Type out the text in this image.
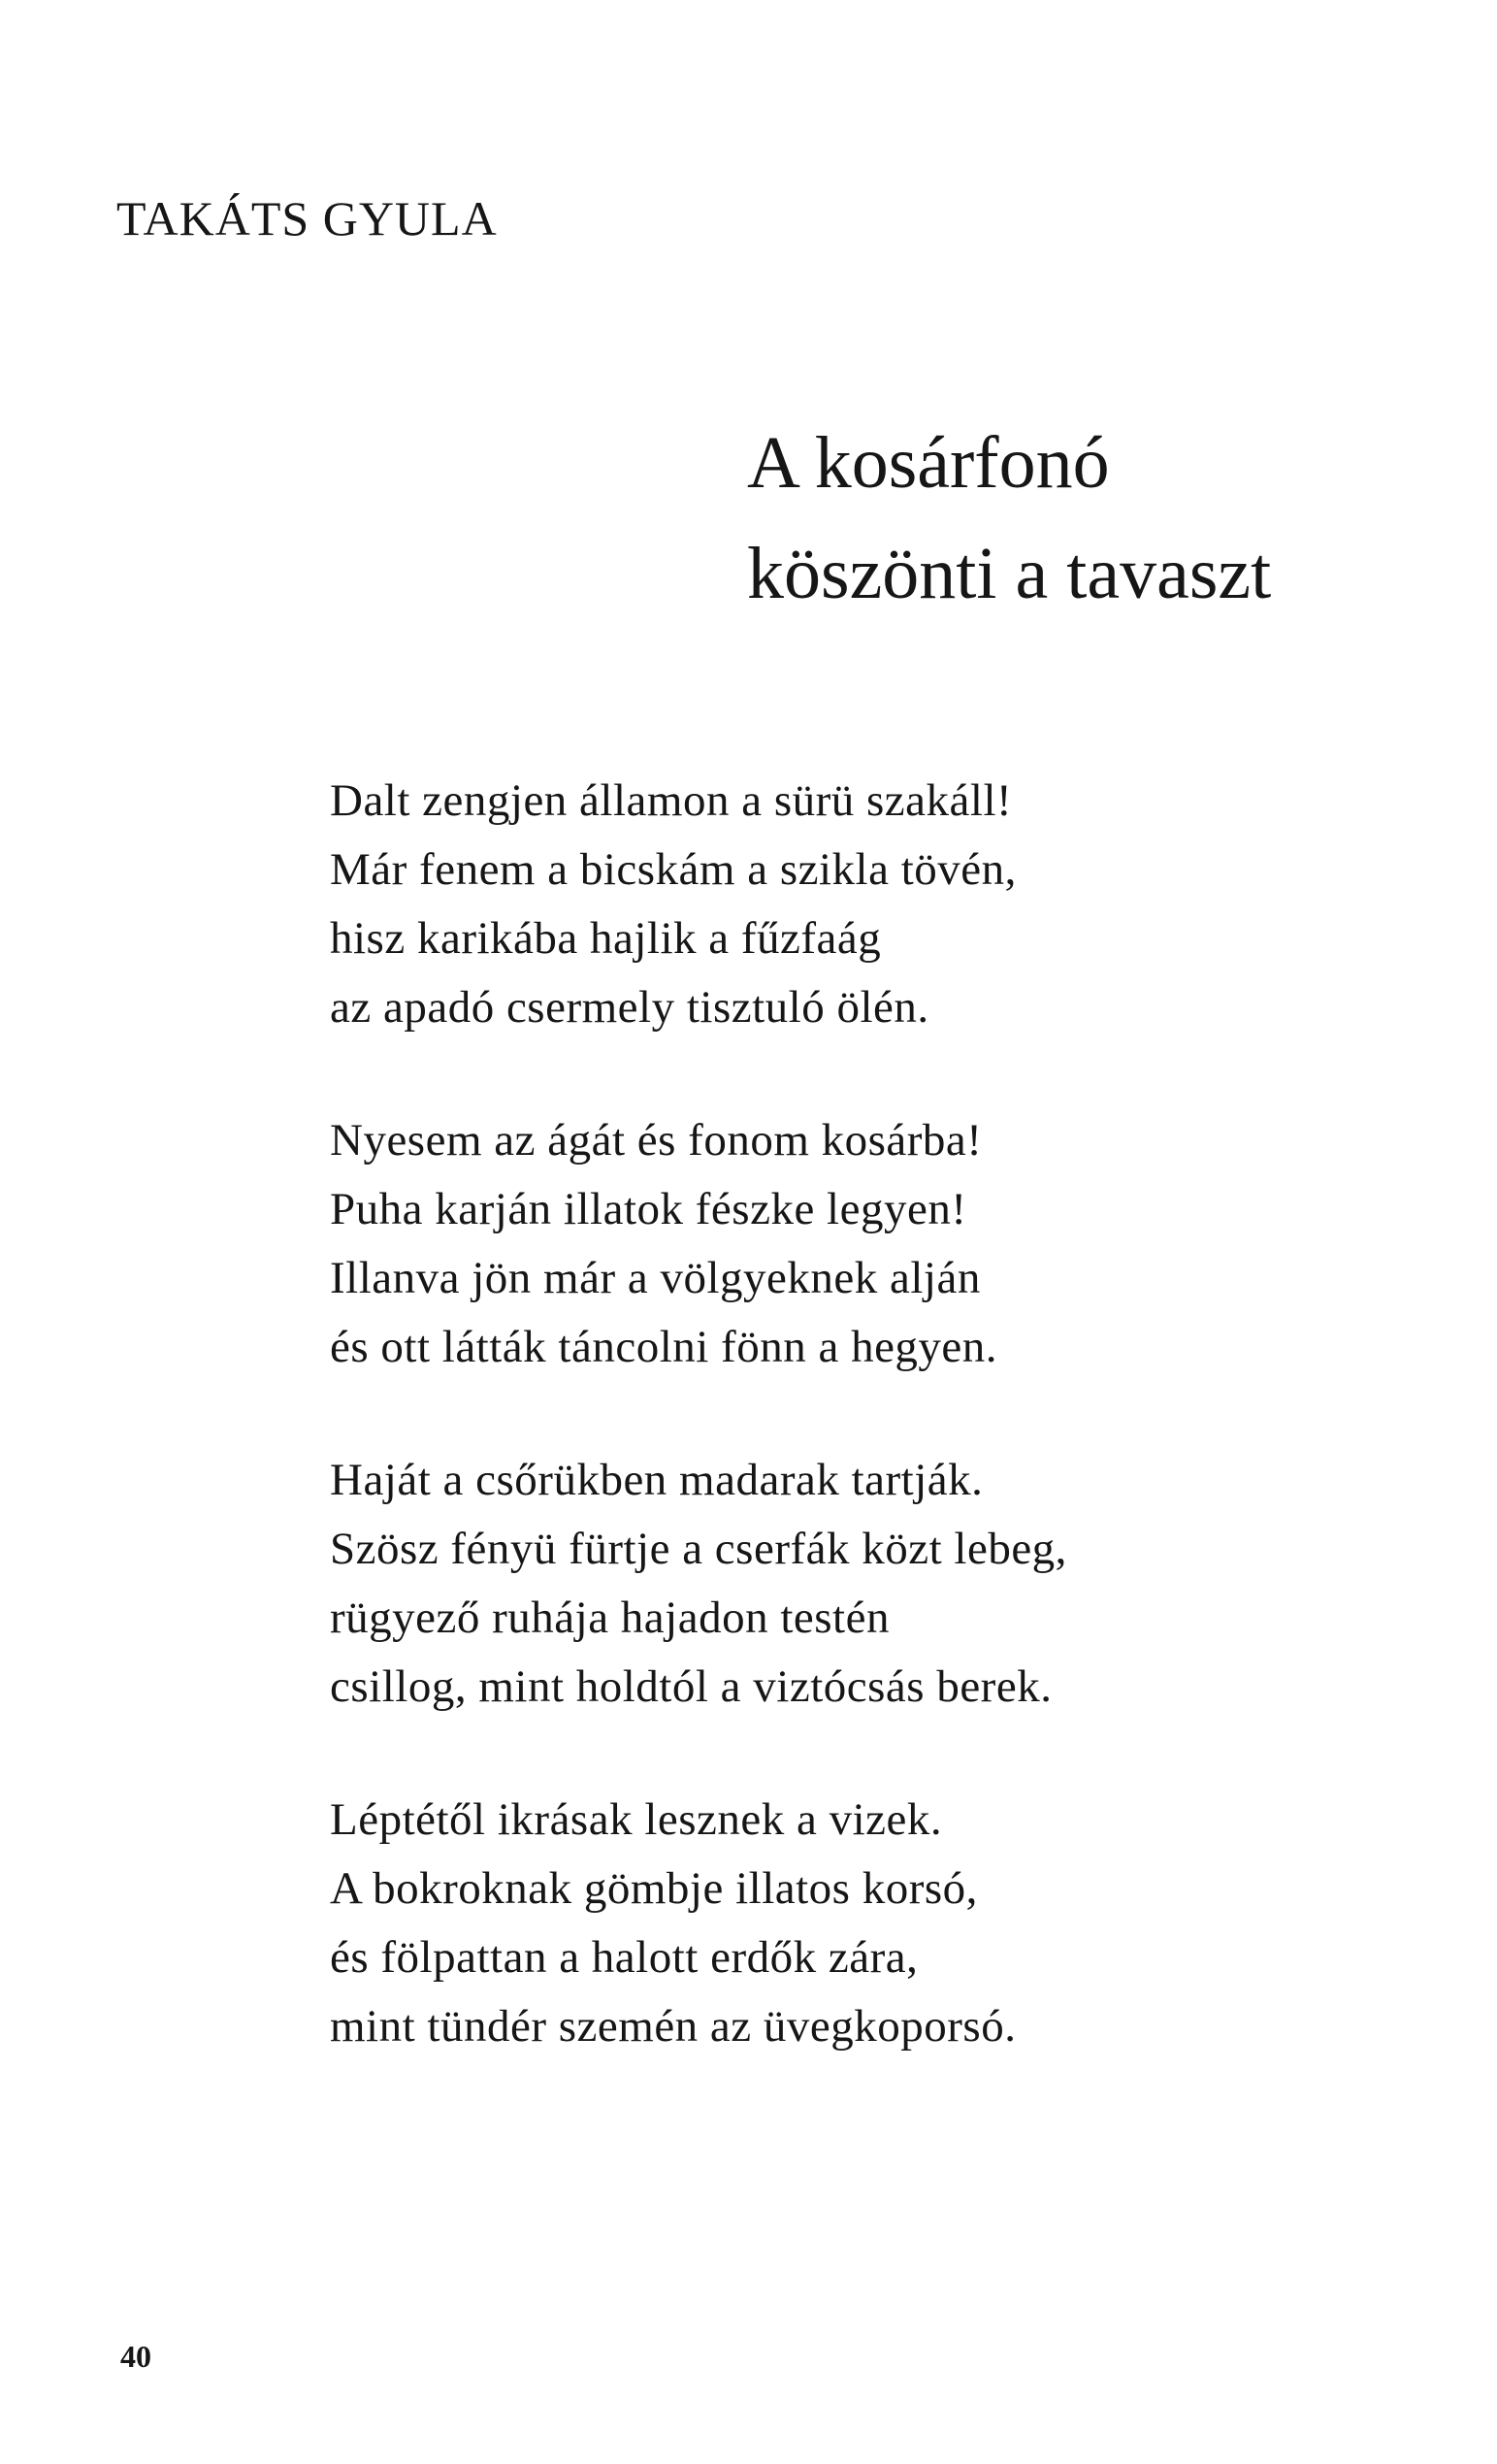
TAKÁTS GYULA
A kosárfonó
köszönti a tavaszt
Dalt zengjen államon a sürü szakáll!
Már fenem a bicskám a szikla tövén,
hisz karikába hajlik a fűzfaág
az apadó csermely tisztuló ölén.
Nyesem az ágát és fonom kosárba!
Puha karján illatok fészke legyen!
Illanva jön már a völgyeknek alján
és ott látták táncolni fönn a hegyen.
Haját a csőrükben madarak tartják.
Szösz fényü fürtje a cserfák közt lebeg,
rügyező ruhája hajadon testén
csillog, mint holdtól a viztócsás berek.
Léptétől ikrásak lesznek a vizek.
A bokroknak gömbje illatos korsó,
és fölpattan a halott erdők zára,
mint tündér szemén az üvegkoporsó.
40
